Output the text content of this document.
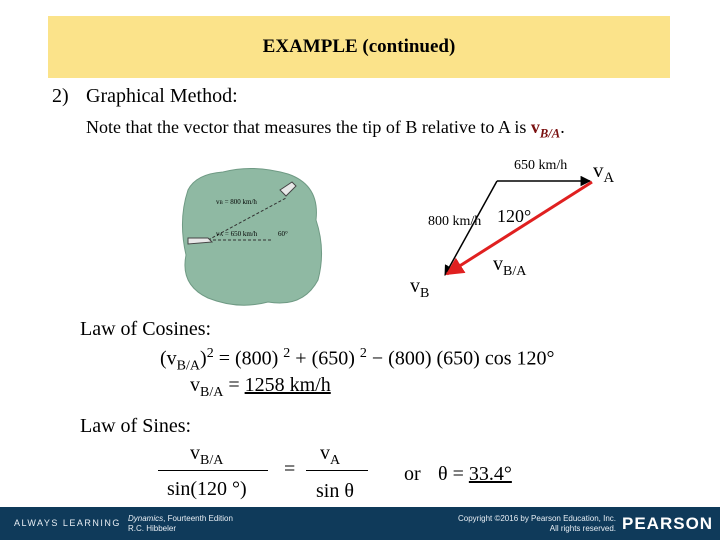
EXAMPLE (continued)
2) Graphical Method:
Note that the vector that measures the tip of B relative to A is $v_{B/A}$.
vB = 800 km/h
vA = 650 km/h	60°
650 km/h $v_A$
800 km/h 120°
$v_{B/A}$
$v_B$
Law of Cosines:
$(v_{B/A})^2 = (800) ^2 + (650) ^2 - (800)$ (650) cos 120°
$v_{B/A} = 1258$ km/h
Law of Sines:
$v_{B/A}$
sin(120 °)
=
$v_A$
sin θ
or θ = 33.4°
ALWAYS LEARNING Dynamics, Fourteenth Edition
R.C. Hibbeler
Copyright ©2016 by Pearson Education, Inc.
All rights reserved. PEARSON
